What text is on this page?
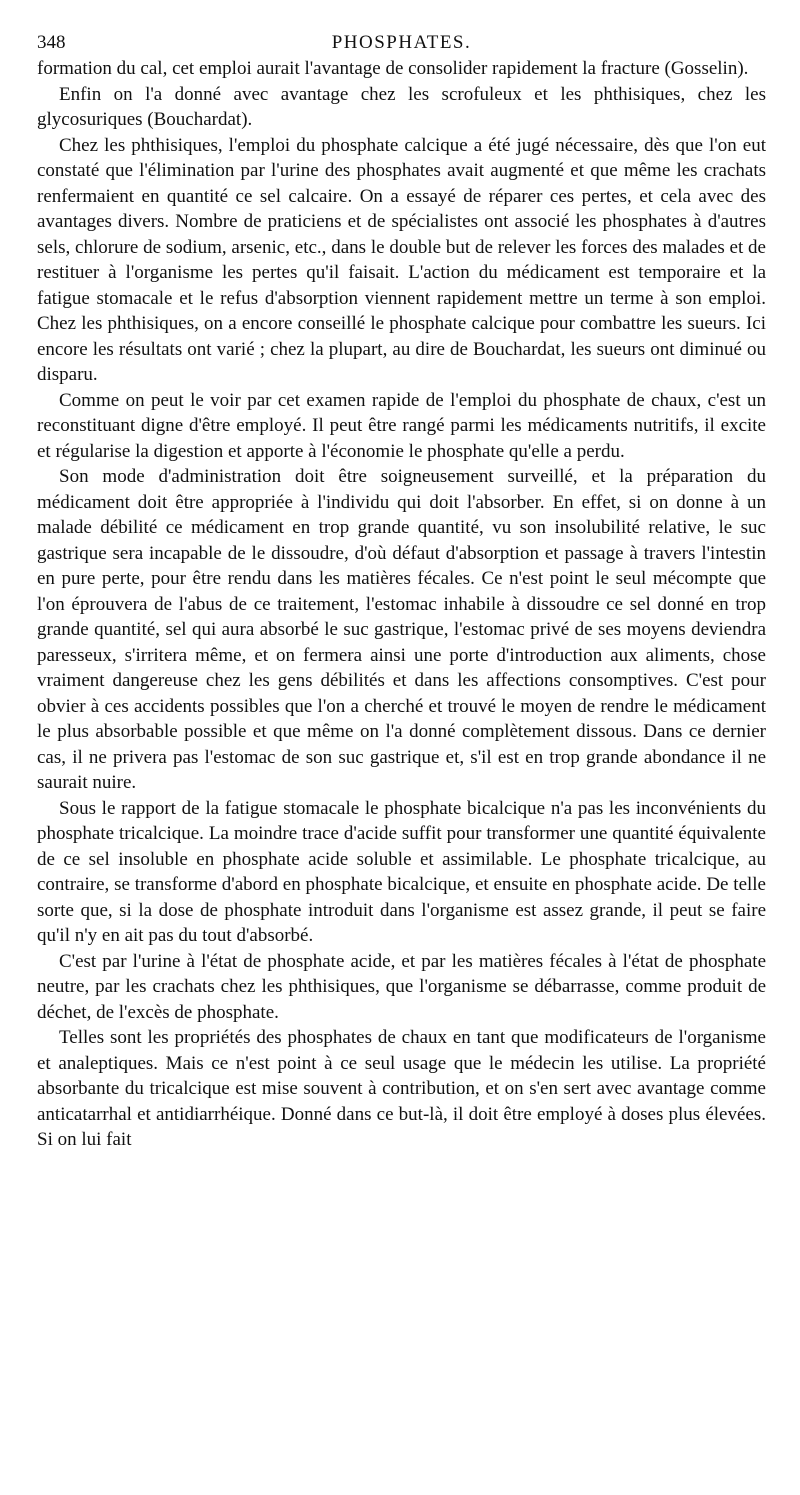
348	PHOSPHATES.

formation du cal, cet emploi aurait l'avantage de consolider rapidement la fracture (Gosselin).

Enfin on l'a donné avec avantage chez les scrofuleux et les phthisiques, chez les glycosuriques (Bouchardat).

Chez les phthisiques, l'emploi du phosphate calcique a été jugé nécessaire, dès que l'on eut constaté que l'élimination par l'urine des phosphates avait augmenté et que même les crachats renfermaient en quantité ce sel calcaire. On a essayé de réparer ces pertes, et cela avec des avantages divers. Nombre de praticiens et de spécialistes ont associé les phosphates à d'autres sels, chlorure de sodium, arsenic, etc., dans le double but de relever les forces des malades et de restituer à l'organisme les pertes qu'il faisait. L'action du médicament est temporaire et la fatigue stomacale et le refus d'absorption viennent rapidement mettre un terme à son emploi. Chez les phthisiques, on a encore conseillé le phosphate calcique pour combattre les sueurs. Ici encore les résultats ont varié ; chez la plupart, au dire de Bouchardat, les sueurs ont diminué ou disparu.

Comme on peut le voir par cet examen rapide de l'emploi du phosphate de chaux, c'est un reconstituant digne d'être employé. Il peut être rangé parmi les médicaments nutritifs, il excite et régularise la digestion et apporte à l'économie le phosphate qu'elle a perdu.

Son mode d'administration doit être soigneusement surveillé, et la préparation du médicament doit être appropriée à l'individu qui doit l'absorber. En effet, si on donne à un malade débilité ce médicament en trop grande quantité, vu son insolubilité relative, le suc gastrique sera incapable de le dissoudre, d'où défaut d'absorption et passage à travers l'intestin en pure perte, pour être rendu dans les matières fécales. Ce n'est point le seul mécompte que l'on éprouvera de l'abus de ce traitement, l'estomac inhabile à dissoudre ce sel donné en trop grande quantité, sel qui aura absorbé le suc gastrique, l'estomac privé de ses moyens deviendra paresseux, s'irritera même, et on fermera ainsi une porte d'introduction aux aliments, chose vraiment dangereuse chez les gens débilités et dans les affections consomptives. C'est pour obvier à ces accidents possibles que l'on a cherché et trouvé le moyen de rendre le médicament le plus absorbable possible et que même on l'a donné complètement dissous. Dans ce dernier cas, il ne privera pas l'estomac de son suc gastrique et, s'il est en trop grande abondance il ne saurait nuire.

Sous le rapport de la fatigue stomacale le phosphate bicalcique n'a pas les inconvénients du phosphate tricalcique. La moindre trace d'acide suffit pour transformer une quantité équivalente de ce sel insoluble en phosphate acide soluble et assimilable. Le phosphate tricalcique, au contraire, se transforme d'abord en phosphate bicalcique, et ensuite en phosphate acide. De telle sorte que, si la dose de phosphate introduit dans l'organisme est assez grande, il peut se faire qu'il n'y en ait pas du tout d'absorbé.

C'est par l'urine à l'état de phosphate acide, et par les matières fécales à l'état de phosphate neutre, par les crachats chez les phthisiques, que l'organisme se débarrasse, comme produit de déchet, de l'excès de phosphate.

Telles sont les propriétés des phosphates de chaux en tant que modificateurs de l'organisme et analeptiques. Mais ce n'est point à ce seul usage que le médecin les utilise. La propriété absorbante du tricalcique est mise souvent à contribution, et on s'en sert avec avantage comme anticatarrhal et antidiarrhéique. Donné dans ce but-là, il doit être employé à doses plus élevées. Si on lui fait
